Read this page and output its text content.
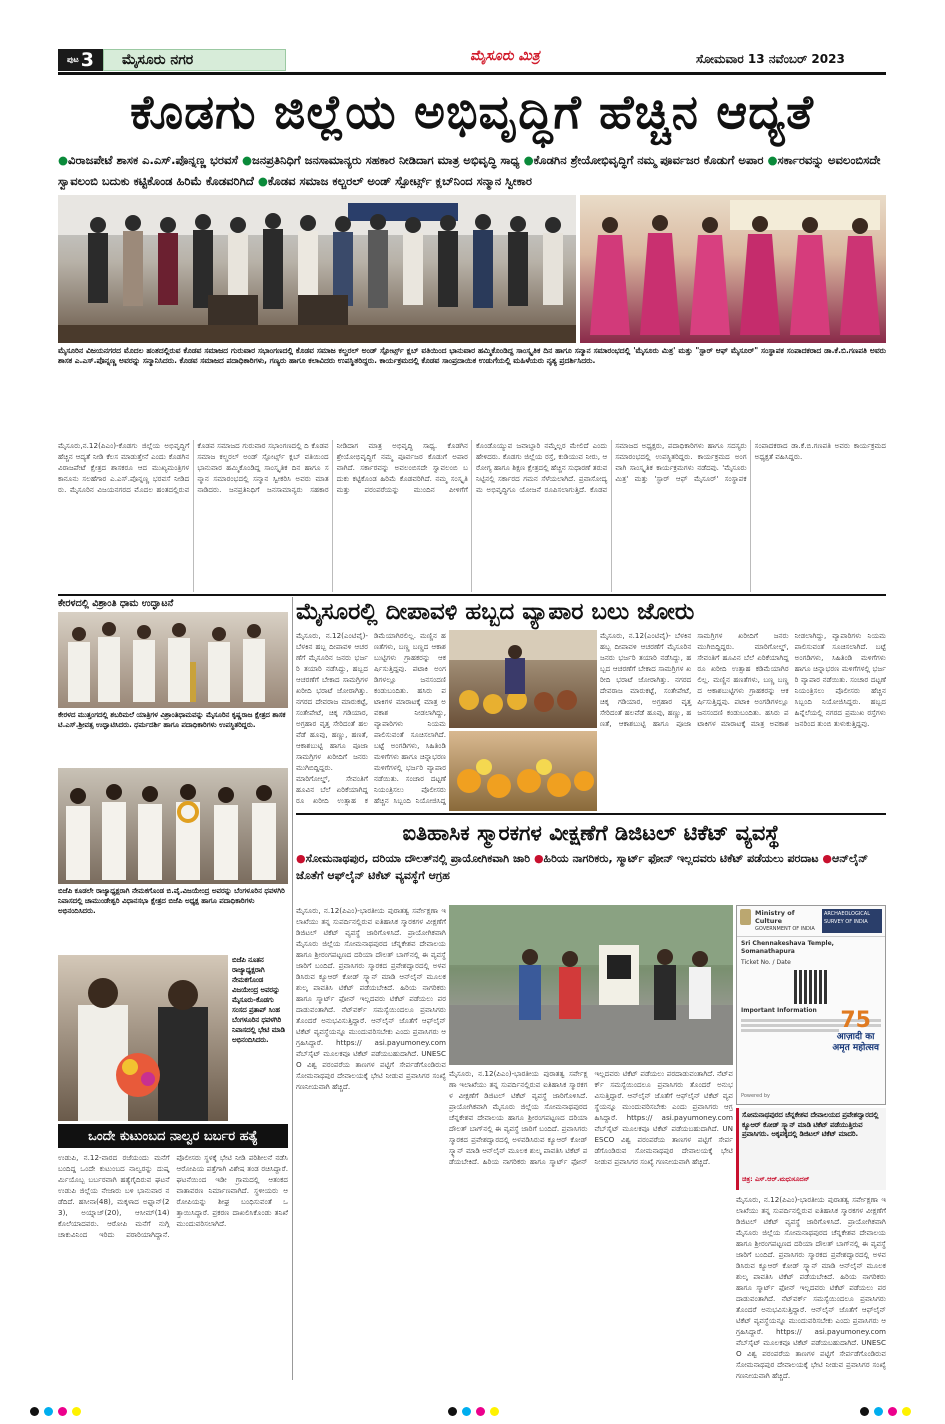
ಪುಟ 3 ಮೈಸೂರು ನಗರ	ಮೈಸೂರು ಮಿತ್ರ	ಸೋಮವಾರ 13 ನವೆಂಬರ್ 2023
ಕೊಡಗು ಜಿಲ್ಲೆಯ ಅಭಿವೃದ್ಧಿಗೆ ಹೆಚ್ಚಿನ ಆದ್ಯತೆ
●ವಿರಾಜಪೇಟೆ ಶಾಸಕ ಎ.ಎಸ್.ಪೊನ್ನಣ್ಣ ಭರವಸೆ ●ಜನಪ್ರತಿನಿಧಿಗೆ ಜನಸಾಮಾನ್ಯರು ಸಹಕಾರ ನೀಡಿದಾಗ ಮಾತ್ರ ಅಭಿವೃದ್ಧಿ ಸಾಧ್ಯ ●ಕೊಡಗಿನ ಶ್ರೇಯೋಭಿವೃದ್ಧಿಗೆ ನಮ್ಮ ಪೂರ್ವಜರ ಕೊಡುಗೆ ಅಪಾರ ●ಸರ್ಕಾರವನ್ನು ಅವಲಂಬಿಸದೇ ಸ್ವಾವಲಂಬಿ ಬದುಕು ಕಟ್ಟಿಕೊಂಡ ಹಿರಿಮೆ ಕೊಡವರಿಗಿದೆ ●ಕೊಡವ ಸಮಾಜ ಕಲ್ಚರಲ್ ಅಂಡ್ ಸ್ಪೋರ್ಟ್ಸ್ ಕ್ಲಬ್‌ನಿಂದ ಸನ್ಮಾನ ಸ್ವೀಕಾರ
ಮೈಸೂರಿನ ವಿಜಯನಗರದ ಮೊದಲ ಹಂತದಲ್ಲಿರುವ ಕೊಡವ ಸಮಾಜದ ಗುರುವಾರ ಸಭಾಂಗಣದಲ್ಲಿ ಕೊಡವ ಸಮಾಜ ಕಲ್ಚರಲ್ ಅಂಡ್ ಸ್ಪೋರ್ಟ್ಸ್ ಕ್ಲಬ್ ವತಿಯಿಂದ ಭಾನುವಾರ ಹಮ್ಮಿಕೊಂಡಿದ್ದ ಸಾಂಸ್ಕೃತಿಕ ದಿನ ಹಾಗೂ ಸನ್ಮಾನ ಸಮಾರಂಭದಲ್ಲಿ 'ಮೈಸೂರು ಮಿತ್ರ' ಮತ್ತು "ಸ್ಟಾರ್ ಆಫ್ ಮೈಸೂರ್" ಸಂಸ್ಥಾಪಕ ಸಂಪಾದಕರಾದ ಡಾ.ಕೆ.ಬಿ.ಗಣಪತಿ ಅವರು ಶಾಸಕ ಎ.ಎಸ್.ಪೊನ್ನಣ್ಣ ಅವರನ್ನು ಸನ್ಮಾನಿಸಿದರು. ಕೊಡವ ಸಮಾಜದ ಪದಾಧಿಕಾರಿಗಳು, ಗಣ್ಯರು ಹಾಗೂ ಕಲಾವಿದರು ಉಪಸ್ಥಿತರಿದ್ದರು. ಕಾರ್ಯಕ್ರಮದಲ್ಲಿ ಕೊಡವ ಸಾಂಪ್ರದಾಯಿಕ ಉಡುಗೆಯಲ್ಲಿ ಮಹಿಳೆಯರು ನೃತ್ಯ ಪ್ರದರ್ಶಿಸಿದರು.
ಮೈಸೂರು,ನ.12(ಪಿಎಂ)-ಕೊಡಗು ಜಿಲ್ಲೆಯ ಅಭಿವೃದ್ಧಿಗೆ ಹೆಚ್ಚಿನ ಆದ್ಯತೆ ನೀಡಿ ಕೆಲಸ ಮಾಡುತ್ತೇನೆ ಎಂದು ಕೊಡಗಿನ ವಿರಾಜಪೇಟೆ ಕ್ಷೇತ್ರದ ಶಾಸಕರೂ ಆದ ಮುಖ್ಯಮಂತ್ರಿಗಳ ಕಾನೂನು ಸಲಹೆಗಾರ ಎ.ಎಸ್.ಪೊನ್ನಣ್ಣ ಭರವಸೆ ನೀಡಿದರು. ಮೈಸೂರಿನ ವಿಜಯನಗರದ ಮೊದಲ ಹಂತದಲ್ಲಿರುವ ಕೊಡವ ಸಮಾಜದ ಗುರುವಾರ ಸಭಾಂಗಣದಲ್ಲಿ ದಿ ಕೊಡವ ಸಮಾಜ ಕಲ್ಚರಲ್ ಅಂಡ್ ಸ್ಪೋರ್ಟ್ಸ್ ಕ್ಲಬ್ ವತಿಯಿಂದ ಭಾನುವಾರ ಹಮ್ಮಿಕೊಂಡಿದ್ದ ಸಾಂಸ್ಕೃತಿಕ ದಿನ ಹಾಗೂ ಸನ್ಮಾನ ಸಮಾರಂಭದಲ್ಲಿ ಸನ್ಮಾನ ಸ್ವೀಕರಿಸಿ ಅವರು ಮಾತನಾಡಿದರು. ಜನಪ್ರತಿನಿಧಿಗೆ ಜನಸಾಮಾನ್ಯರು ಸಹಕಾರ ನೀಡಿದಾಗ ಮಾತ್ರ ಅಭಿವೃದ್ಧಿ ಸಾಧ್ಯ. ಕೊಡಗಿನ ಶ್ರೇಯೋಭಿವೃದ್ಧಿಗೆ ನಮ್ಮ ಪೂರ್ವಜರ ಕೊಡುಗೆ ಅಪಾರವಾಗಿದೆ. ಸರ್ಕಾರವನ್ನು ಅವಲಂಬಿಸದೇ ಸ್ವಾವಲಂಬಿ ಬದುಕು ಕಟ್ಟಿಕೊಂಡ ಹಿರಿಮೆ ಕೊಡವರಿಗಿದೆ. ನಮ್ಮ ಸಂಸ್ಕೃತಿ ಮತ್ತು ಪರಂಪರೆಯನ್ನು ಮುಂದಿನ ಪೀಳಿಗೆಗೆ ಕೊಂಡೊಯ್ಯುವ ಜವಾಬ್ದಾರಿ ನಮ್ಮೆಲ್ಲರ ಮೇಲಿದೆ ಎಂದು ಹೇಳಿದರು. ಕೊಡಗು ಜಿಲ್ಲೆಯ ರಸ್ತೆ, ಕುಡಿಯುವ ನೀರು, ಆರೋಗ್ಯ ಹಾಗೂ ಶಿಕ್ಷಣ ಕ್ಷೇತ್ರದಲ್ಲಿ ಹೆಚ್ಚಿನ ಸುಧಾರಣೆ ತರುವ ನಿಟ್ಟಿನಲ್ಲಿ ಸರ್ಕಾರದ ಗಮನ ಸೆಳೆಯಲಾಗಿದೆ. ಪ್ರವಾಸೋದ್ಯಮ ಅಭಿವೃದ್ಧಿಗೂ ಯೋಜನೆ ರೂಪಿಸಲಾಗುತ್ತಿದೆ. ಕೊಡವ ಸಮಾಜದ ಅಧ್ಯಕ್ಷರು, ಪದಾಧಿಕಾರಿಗಳು ಹಾಗೂ ಸದಸ್ಯರು ಸಮಾರಂಭದಲ್ಲಿ ಉಪಸ್ಥಿತರಿದ್ದರು. ಕಾರ್ಯಕ್ರಮದ ಅಂಗವಾಗಿ ಸಾಂಸ್ಕೃತಿಕ ಕಾರ್ಯಕ್ರಮಗಳು ನಡೆದವು. 'ಮೈಸೂರು ಮಿತ್ರ' ಮತ್ತು 'ಸ್ಟಾರ್ ಆಫ್ ಮೈಸೂರ್' ಸಂಸ್ಥಾಪಕ ಸಂಪಾದಕರಾದ ಡಾ.ಕೆ.ಬಿ.ಗಣಪತಿ ಅವರು ಕಾರ್ಯಕ್ರಮದ ಅಧ್ಯಕ್ಷತೆ ವಹಿಸಿದ್ದರು.
ಕೇರಳದಲ್ಲಿ ವಿಶ್ರಾಂತಿ ಧಾಮ ಉದ್ಘಾಟನೆ
ಕೇರಳದ ಮುತ್ತಂಗದಲ್ಲಿ ಶಬರಿಮಲೆ ಯಾತ್ರಿಗಳ ವಿಶ್ರಾಂತಿಧಾಮವನ್ನು ಮೈಸೂರಿನ ಕೃಷ್ಣರಾಜ ಕ್ಷೇತ್ರದ ಶಾಸಕ ಟಿ.ಎಸ್.ಶ್ರೀವತ್ಸ ಉದ್ಘಾಟಿಸಿದರು. ಧರ್ಮದರ್ಶಿ ಹಾಗೂ ಪದಾಧಿಕಾರಿಗಳು ಉಪಸ್ಥಿತರಿದ್ದರು.
ಬಿಜೆಪಿ ಕೂಡಲೇ ರಾಜ್ಯಾಧ್ಯಕ್ಷರಾಗಿ ನೇಮಕಗೊಂಡ ಬಿ.ವೈ.ವಿಜಯೇಂದ್ರ ಅವರನ್ನು ಬೆಂಗಳೂರಿನ ಧವಳಗಿರಿ ನಿವಾಸದಲ್ಲಿ ಚಾಮುಂಡೇಶ್ವರಿ ವಿಧಾನಸಭಾ ಕ್ಷೇತ್ರದ ಬಿಜೆಪಿ ಅಧ್ಯಕ್ಷ ಹಾಗೂ ಪದಾಧಿಕಾರಿಗಳು ಅಭಿನಂದಿಸಿದರು.
ಬಿಜೆಪಿ ನೂತನ ರಾಜ್ಯಾಧ್ಯಕ್ಷರಾಗಿ ನೇಮಕಗೊಂಡ ವಿಜಯೇಂದ್ರ ಅವರನ್ನು ಮೈಸೂರು-ಕೊಡಗು ಸಂಸದ ಪ್ರತಾಪ್ ಸಿಂಹ ಬೆಂಗಳೂರಿನ ಧವಳಗಿರಿ ನಿವಾಸದಲ್ಲಿ ಭೇಟಿ ಮಾಡಿ ಅಭಿನಂದಿಸಿದರು.
ಒಂದೇ ಕುಟುಂಬದ ನಾಲ್ವರ ಬರ್ಬರ ಹತ್ಯೆ
ಉಡುಪಿ, ನ.12-ವಾರದ ರಜೆಯಂದು ಮನೆಗೆ ಬಂದಿದ್ದ ಒಂದೇ ಕುಟುಂಬದ ನಾಲ್ವರನ್ನು ದುಷ್ಕರ್ಮಿಯೊಬ್ಬ ಬರ್ಬರವಾಗಿ ಹತ್ಯೆಗೈದಿರುವ ಘಟನೆ ಉಡುಪಿ ಜಿಲ್ಲೆಯ ನೇಜಾರು ಬಳಿ ಭಾನುವಾರ ನಡೆದಿದೆ. ಹಸೀನಾ(48), ಮಕ್ಕಳಾದ ಅಫ್ನಾನ್(23), ಅಯ್ನಾಜ್(20), ಆಸೀಮ್(14) ಕೊಲೆಯಾದವರು. ಆರೋಪಿ ಮನೆಗೆ ನುಗ್ಗಿ ಚಾಕುವಿನಿಂದ ಇರಿದು ಪರಾರಿಯಾಗಿದ್ದಾನೆ. ಪೊಲೀಸರು ಸ್ಥಳಕ್ಕೆ ಭೇಟಿ ನೀಡಿ ಪರಿಶೀಲನೆ ನಡೆಸಿ ಆರೋಪಿಯ ಪತ್ತೆಗಾಗಿ ವಿಶೇಷ ತಂಡ ರಚಿಸಿದ್ದಾರೆ. ಘಟನೆಯಿಂದ ಇಡೀ ಗ್ರಾಮದಲ್ಲಿ ಆತಂಕದ ವಾತಾವರಣ ನಿರ್ಮಾಣವಾಗಿದೆ. ಸ್ಥಳೀಯರು ಆರೋಪಿಯನ್ನು ಶೀಘ್ರ ಬಂಧಿಸುವಂತೆ ಒತ್ತಾಯಿಸಿದ್ದಾರೆ. ಪ್ರಕರಣ ದಾಖಲಿಸಿಕೊಂಡು ತನಿಖೆ ಮುಂದುವರಿಸಲಾಗಿದೆ.
ಮೈಸೂರಲ್ಲಿ ದೀಪಾವಳಿ ಹಬ್ಬದ ವ್ಯಾಪಾರ ಬಲು ಜೋರು
ಮೈಸೂರು, ನ.12(ಎಂಟಿವೈ)- ಬೆಳಕಿನ ಹಬ್ಬ ದೀಪಾವಳಿ ಆಚರಣೆಗೆ ಮೈಸೂರಿನ ಜನರು ಭರ್ಜರಿ ತಯಾರಿ ನಡೆಸಿದ್ದು, ಹಬ್ಬದ ಆಚರಣೆಗೆ ಬೇಕಾದ ಸಾಮಗ್ರಿಗಳ ಖರೀದಿ ಭರಾಟೆ ಜೋರಾಗಿತ್ತು. ನಗರದ ದೇವರಾಜ ಮಾರುಕಟ್ಟೆ, ಸಂತೇಪೇಟೆ, ಚಿಕ್ಕ ಗಡಿಯಾರ, ಅಗ್ರಹಾರ ವೃತ್ತ ಸೇರಿದಂತೆ ಹಲವೆಡೆ ಹೂವು, ಹಣ್ಣು, ಹಣತೆ, ಆಕಾಶಬುಟ್ಟಿ ಹಾಗೂ ಪೂಜಾ ಸಾಮಗ್ರಿಗಳ ಖರೀದಿಗೆ ಜನರು ಮುಗಿಬಿದ್ದಿದ್ದರು. ಮಾರಿಗೋಲ್ಡ್, ಸೇವಂತಿಗೆ ಹೂವಿನ ಬೆಲೆ ಏರಿಕೆಯಾಗಿದ್ದರೂ ಖರೀದಿ ಉತ್ಸಾಹ ಕಡಿಮೆಯಾಗಿರಲಿಲ್ಲ. ಮಣ್ಣಿನ ಹಣತೆಗಳು, ಬಣ್ಣ ಬಣ್ಣದ ಆಕಾಶಬುಟ್ಟಿಗಳು ಗ್ರಾಹಕರನ್ನು ಆಕರ್ಷಿಸುತ್ತಿದ್ದವು. ಪಟಾಕಿ ಅಂಗಡಿಗಳಲ್ಲೂ ಜನಸಂದಣಿ ಕಂಡುಬಂದಿತು. ಹಸಿರು ಪಟಾಕಿಗಳ ಮಾರಾಟಕ್ಕೆ ಮಾತ್ರ ಅವಕಾಶ ನೀಡಲಾಗಿದ್ದು, ವ್ಯಾಪಾರಿಗಳು ನಿಯಮ ಪಾಲಿಸುವಂತೆ ಸೂಚಿಸಲಾಗಿದೆ. ಬಟ್ಟೆ ಅಂಗಡಿಗಳು, ಸಿಹಿತಿಂಡಿ ಮಳಿಗೆಗಳು ಹಾಗೂ ಚಿನ್ನಾಭರಣ ಮಳಿಗೆಗಳಲ್ಲಿ ಭರ್ಜರಿ ವ್ಯಾಪಾರ ನಡೆಯಿತು. ಸಂಚಾರ ದಟ್ಟಣೆ ನಿಯಂತ್ರಿಸಲು ಪೊಲೀಸರು ಹೆಚ್ಚಿನ ಸಿಬ್ಬಂದಿ ನಿಯೋಜಿಸಿದ್ದ
ಮೈಸೂರು, ನ.12(ಎಂಟಿವೈ)- ಬೆಳಕಿನ ಹಬ್ಬ ದೀಪಾವಳಿ ಆಚರಣೆಗೆ ಮೈಸೂರಿನ ಜನರು ಭರ್ಜರಿ ತಯಾರಿ ನಡೆಸಿದ್ದು, ಹಬ್ಬದ ಆಚರಣೆಗೆ ಬೇಕಾದ ಸಾಮಗ್ರಿಗಳ ಖರೀದಿ ಭರಾಟೆ ಜೋರಾಗಿತ್ತು. ನಗರದ ದೇವರಾಜ ಮಾರುಕಟ್ಟೆ, ಸಂತೇಪೇಟೆ, ಚಿಕ್ಕ ಗಡಿಯಾರ, ಅಗ್ರಹಾರ ವೃತ್ತ ಸೇರಿದಂತೆ ಹಲವೆಡೆ ಹೂವು, ಹಣ್ಣು, ಹಣತೆ, ಆಕಾಶಬುಟ್ಟಿ ಹಾಗೂ ಪೂಜಾ ಸಾಮಗ್ರಿಗಳ ಖರೀದಿಗೆ ಜನರು ಮುಗಿಬಿದ್ದಿದ್ದರು. ಮಾರಿಗೋಲ್ಡ್, ಸೇವಂತಿಗೆ ಹೂವಿನ ಬೆಲೆ ಏರಿಕೆಯಾಗಿದ್ದರೂ ಖರೀದಿ ಉತ್ಸಾಹ ಕಡಿಮೆಯಾಗಿರಲಿಲ್ಲ. ಮಣ್ಣಿನ ಹಣತೆಗಳು, ಬಣ್ಣ ಬಣ್ಣದ ಆಕಾಶಬುಟ್ಟಿಗಳು ಗ್ರಾಹಕರನ್ನು ಆಕರ್ಷಿಸುತ್ತಿದ್ದವು. ಪಟಾಕಿ ಅಂಗಡಿಗಳಲ್ಲೂ ಜನಸಂದಣಿ ಕಂಡುಬಂದಿತು. ಹಸಿರು ಪಟಾಕಿಗಳ ಮಾರಾಟಕ್ಕೆ ಮಾತ್ರ ಅವಕಾಶ ನೀಡಲಾಗಿದ್ದು, ವ್ಯಾಪಾರಿಗಳು ನಿಯಮ ಪಾಲಿಸುವಂತೆ ಸೂಚಿಸಲಾಗಿದೆ. ಬಟ್ಟೆ ಅಂಗಡಿಗಳು, ಸಿಹಿತಿಂಡಿ ಮಳಿಗೆಗಳು ಹಾಗೂ ಚಿನ್ನಾಭರಣ ಮಳಿಗೆಗಳಲ್ಲಿ ಭರ್ಜರಿ ವ್ಯಾಪಾರ ನಡೆಯಿತು. ಸಂಚಾರ ದಟ್ಟಣೆ ನಿಯಂತ್ರಿಸಲು ಪೊಲೀಸರು ಹೆಚ್ಚಿನ ಸಿಬ್ಬಂದಿ ನಿಯೋಜಿಸಿದ್ದರು. ಹಬ್ಬದ ಹಿನ್ನೆಲೆಯಲ್ಲಿ ನಗರದ ಪ್ರಮುಖ ರಸ್ತೆಗಳು ಜನರಿಂದ ತುಂಬಿ ತುಳುಕುತ್ತಿದ್ದವು.
ಐತಿಹಾಸಿಕ ಸ್ಮಾರಕಗಳ ವೀಕ್ಷಣೆಗೆ ಡಿಜಿಟಲ್ ಟಿಕೆಟ್ ವ್ಯವಸ್ಥೆ
●ಸೋಮನಾಥಪುರ, ದರಿಯಾ ದೌಲತ್‌ನಲ್ಲಿ ಪ್ರಾಯೋಗಿಕವಾಗಿ ಜಾರಿ ●ಹಿರಿಯ ನಾಗರಿಕರು, ಸ್ಮಾರ್ಟ್ ಫೋನ್ ಇಲ್ಲದವರು ಟಿಕೆಟ್ ಪಡೆಯಲು ಪರದಾಟ ●ಆನ್‌ಲೈನ್ ಜೊತೆಗೆ ಆಫ್‌ಲೈನ್ ಟಿಕೆಟ್ ವ್ಯವಸ್ಥೆಗೆ ಆಗ್ರಹ
ಮೈಸೂರು, ನ.12(ಪಿಎಂ)-ಭಾರತೀಯ ಪುರಾತತ್ವ ಸರ್ವೇಕ್ಷಣಾ ಇಲಾಖೆಯು ತನ್ನ ಸುಪರ್ದಿನಲ್ಲಿರುವ ಐತಿಹಾಸಿಕ ಸ್ಮಾರಕಗಳ ವೀಕ್ಷಣೆಗೆ ಡಿಜಿಟಲ್ ಟಿಕೆಟ್ ವ್ಯವಸ್ಥೆ ಜಾರಿಗೊಳಿಸಿದೆ. ಪ್ರಾಯೋಗಿಕವಾಗಿ ಮೈಸೂರು ಜಿಲ್ಲೆಯ ಸೋಮನಾಥಪುರದ ಚೆನ್ನಕೇಶವ ದೇವಾಲಯ ಹಾಗೂ ಶ್ರೀರಂಗಪಟ್ಟಣದ ದರಿಯಾ ದೌಲತ್ ಬಾಗ್‌ನಲ್ಲಿ ಈ ವ್ಯವಸ್ಥೆ ಜಾರಿಗೆ ಬಂದಿದೆ. ಪ್ರವಾಸಿಗರು ಸ್ಮಾರಕದ ಪ್ರವೇಶದ್ವಾರದಲ್ಲಿ ಅಳವಡಿಸಿರುವ ಕ್ಯೂಆರ್ ಕೋಡ್ ಸ್ಕ್ಯಾನ್ ಮಾಡಿ ಆನ್‌ಲೈನ್ ಮೂಲಕ ಶುಲ್ಕ ಪಾವತಿಸಿ ಟಿಕೆಟ್ ಪಡೆಯಬೇಕಿದೆ. ಹಿರಿಯ ನಾಗರಿಕರು ಹಾಗೂ ಸ್ಮಾರ್ಟ್ ಫೋನ್ ಇಲ್ಲದವರು ಟಿಕೆಟ್ ಪಡೆಯಲು ಪರದಾಡುವಂತಾಗಿದೆ. ನೆಟ್‌ವರ್ಕ್ ಸಮಸ್ಯೆಯಿಂದಲೂ ಪ್ರವಾಸಿಗರು ತೊಂದರೆ ಅನುಭವಿಸುತ್ತಿದ್ದಾರೆ. ಆನ್‌ಲೈನ್ ಜೊತೆಗೆ ಆಫ್‌ಲೈನ್ ಟಿಕೆಟ್ ವ್ಯವಸ್ಥೆಯನ್ನೂ ಮುಂದುವರಿಸಬೇಕು ಎಂದು ಪ್ರವಾಸಿಗರು ಆಗ್ರಹಿಸಿದ್ದಾರೆ. https:// asi.payumoney.com ವೆಬ್‌ಸೈಟ್ ಮೂಲಕವೂ ಟಿಕೆಟ್ ಪಡೆಯಬಹುದಾಗಿದೆ. UNESCO ವಿಶ್ವ ಪರಂಪರೆಯ ತಾಣಗಳ ಪಟ್ಟಿಗೆ ಸೇರ್ಪಡೆಗೊಂಡಿರುವ ಸೋಮನಾಥಪುರ ದೇವಾಲಯಕ್ಕೆ ಭೇಟಿ ನೀಡುವ ಪ್ರವಾಸಿಗರ ಸಂಖ್ಯೆ ಗಣನೀಯವಾಗಿ ಹೆಚ್ಚಿದೆ.
Ministry of Culture
GOVERNMENT OF INDIA
ARCHAEOLOGICAL SURVEY OF INDIA
Sri Chennakeshava Temple, Somanathapura
Ticket No. / Date
Important Information	75
आज़ादी का
अमृत महोत्सव
Powered by
ಮೈಸೂರು, ನ.12(ಪಿಎಂ)-ಭಾರತೀಯ ಪುರಾತತ್ವ ಸರ್ವೇಕ್ಷಣಾ ಇಲಾಖೆಯು ತನ್ನ ಸುಪರ್ದಿನಲ್ಲಿರುವ ಐತಿಹಾಸಿಕ ಸ್ಮಾರಕಗಳ ವೀಕ್ಷಣೆಗೆ ಡಿಜಿಟಲ್ ಟಿಕೆಟ್ ವ್ಯವಸ್ಥೆ ಜಾರಿಗೊಳಿಸಿದೆ. ಪ್ರಾಯೋಗಿಕವಾಗಿ ಮೈಸೂರು ಜಿಲ್ಲೆಯ ಸೋಮನಾಥಪುರದ ಚೆನ್ನಕೇಶವ ದೇವಾಲಯ ಹಾಗೂ ಶ್ರೀರಂಗಪಟ್ಟಣದ ದರಿಯಾ ದೌಲತ್ ಬಾಗ್‌ನಲ್ಲಿ ಈ ವ್ಯವಸ್ಥೆ ಜಾರಿಗೆ ಬಂದಿದೆ. ಪ್ರವಾಸಿಗರು ಸ್ಮಾರಕದ ಪ್ರವೇಶದ್ವಾರದಲ್ಲಿ ಅಳವಡಿಸಿರುವ ಕ್ಯೂಆರ್ ಕೋಡ್ ಸ್ಕ್ಯಾನ್ ಮಾಡಿ ಆನ್‌ಲೈನ್ ಮೂಲಕ ಶುಲ್ಕ ಪಾವತಿಸಿ ಟಿಕೆಟ್ ಪಡೆಯಬೇಕಿದೆ. ಹಿರಿಯ ನಾಗರಿಕರು ಹಾಗೂ ಸ್ಮಾರ್ಟ್ ಫೋನ್ ಇಲ್ಲದವರು ಟಿಕೆಟ್ ಪಡೆಯಲು ಪರದಾಡುವಂತಾಗಿದೆ. ನೆಟ್‌ವರ್ಕ್ ಸಮಸ್ಯೆಯಿಂದಲೂ ಪ್ರವಾಸಿಗರು ತೊಂದರೆ ಅನುಭವಿಸುತ್ತಿದ್ದಾರೆ. ಆನ್‌ಲೈನ್ ಜೊತೆಗೆ ಆಫ್‌ಲೈನ್ ಟಿಕೆಟ್ ವ್ಯವಸ್ಥೆಯನ್ನೂ ಮುಂದುವರಿಸಬೇಕು ಎಂದು ಪ್ರವಾಸಿಗರು ಆಗ್ರಹಿಸಿದ್ದಾರೆ. https:// asi.payumoney.com ವೆಬ್‌ಸೈಟ್ ಮೂಲಕವೂ ಟಿಕೆಟ್ ಪಡೆಯಬಹುದಾಗಿದೆ. UNESCO ವಿಶ್ವ ಪರಂಪರೆಯ ತಾಣಗಳ ಪಟ್ಟಿಗೆ ಸೇರ್ಪಡೆಗೊಂಡಿರುವ ಸೋಮನಾಥಪುರ ದೇವಾಲಯಕ್ಕೆ ಭೇಟಿ ನೀಡುವ ಪ್ರವಾಸಿಗರ ಸಂಖ್ಯೆ ಗಣನೀಯವಾಗಿ ಹೆಚ್ಚಿದೆ.
ಸೋಮನಾಥಪುರದ ಚೆನ್ನಕೇಶವ ದೇವಾಲಯದ ಪ್ರವೇಶದ್ವಾರದಲ್ಲಿ ಕ್ಯೂಆರ್ ಕೋಡ್ ಸ್ಕ್ಯಾನ್ ಮಾಡಿ ಟಿಕೆಟ್ ಪಡೆಯುತ್ತಿರುವ ಪ್ರವಾಸಿಗರು. ಅಕ್ಕಪಕ್ಕದಲ್ಲಿ ಡಿಜಿಟಲ್ ಟಿಕೆಟ್ ಮಾದರಿ.
ಚಿತ್ರ: ಎಸ್.ಆರ್.ಮಧುಸೂದನ್
ಮೈಸೂರು, ನ.12(ಪಿಎಂ)-ಭಾರತೀಯ ಪುರಾತತ್ವ ಸರ್ವೇಕ್ಷಣಾ ಇಲಾಖೆಯು ತನ್ನ ಸುಪರ್ದಿನಲ್ಲಿರುವ ಐತಿಹಾಸಿಕ ಸ್ಮಾರಕಗಳ ವೀಕ್ಷಣೆಗೆ ಡಿಜಿಟಲ್ ಟಿಕೆಟ್ ವ್ಯವಸ್ಥೆ ಜಾರಿಗೊಳಿಸಿದೆ. ಪ್ರಾಯೋಗಿಕವಾಗಿ ಮೈಸೂರು ಜಿಲ್ಲೆಯ ಸೋಮನಾಥಪುರದ ಚೆನ್ನಕೇಶವ ದೇವಾಲಯ ಹಾಗೂ ಶ್ರೀರಂಗಪಟ್ಟಣದ ದರಿಯಾ ದೌಲತ್ ಬಾಗ್‌ನಲ್ಲಿ ಈ ವ್ಯವಸ್ಥೆ ಜಾರಿಗೆ ಬಂದಿದೆ. ಪ್ರವಾಸಿಗರು ಸ್ಮಾರಕದ ಪ್ರವೇಶದ್ವಾರದಲ್ಲಿ ಅಳವಡಿಸಿರುವ ಕ್ಯೂಆರ್ ಕೋಡ್ ಸ್ಕ್ಯಾನ್ ಮಾಡಿ ಆನ್‌ಲೈನ್ ಮೂಲಕ ಶುಲ್ಕ ಪಾವತಿಸಿ ಟಿಕೆಟ್ ಪಡೆಯಬೇಕಿದೆ. ಹಿರಿಯ ನಾಗರಿಕರು ಹಾಗೂ ಸ್ಮಾರ್ಟ್ ಫೋನ್ ಇಲ್ಲದವರು ಟಿಕೆಟ್ ಪಡೆಯಲು ಪರದಾಡುವಂತಾಗಿದೆ. ನೆಟ್‌ವರ್ಕ್ ಸಮಸ್ಯೆಯಿಂದಲೂ ಪ್ರವಾಸಿಗರು ತೊಂದರೆ ಅನುಭವಿಸುತ್ತಿದ್ದಾರೆ. ಆನ್‌ಲೈನ್ ಜೊತೆಗೆ ಆಫ್‌ಲೈನ್ ಟಿಕೆಟ್ ವ್ಯವಸ್ಥೆಯನ್ನೂ ಮುಂದುವರಿಸಬೇಕು ಎಂದು ಪ್ರವಾಸಿಗರು ಆಗ್ರಹಿಸಿದ್ದಾರೆ. https:// asi.payumoney.com ವೆಬ್‌ಸೈಟ್ ಮೂಲಕವೂ ಟಿಕೆಟ್ ಪಡೆಯಬಹುದಾಗಿದೆ. UNESCO ವಿಶ್ವ ಪರಂಪರೆಯ ತಾಣಗಳ ಪಟ್ಟಿಗೆ ಸೇರ್ಪಡೆಗೊಂಡಿರುವ ಸೋಮನಾಥಪುರ ದೇವಾಲಯಕ್ಕೆ ಭೇಟಿ ನೀಡುವ ಪ್ರವಾಸಿಗರ ಸಂಖ್ಯೆ ಗಣನೀಯವಾಗಿ ಹೆಚ್ಚಿದೆ.
